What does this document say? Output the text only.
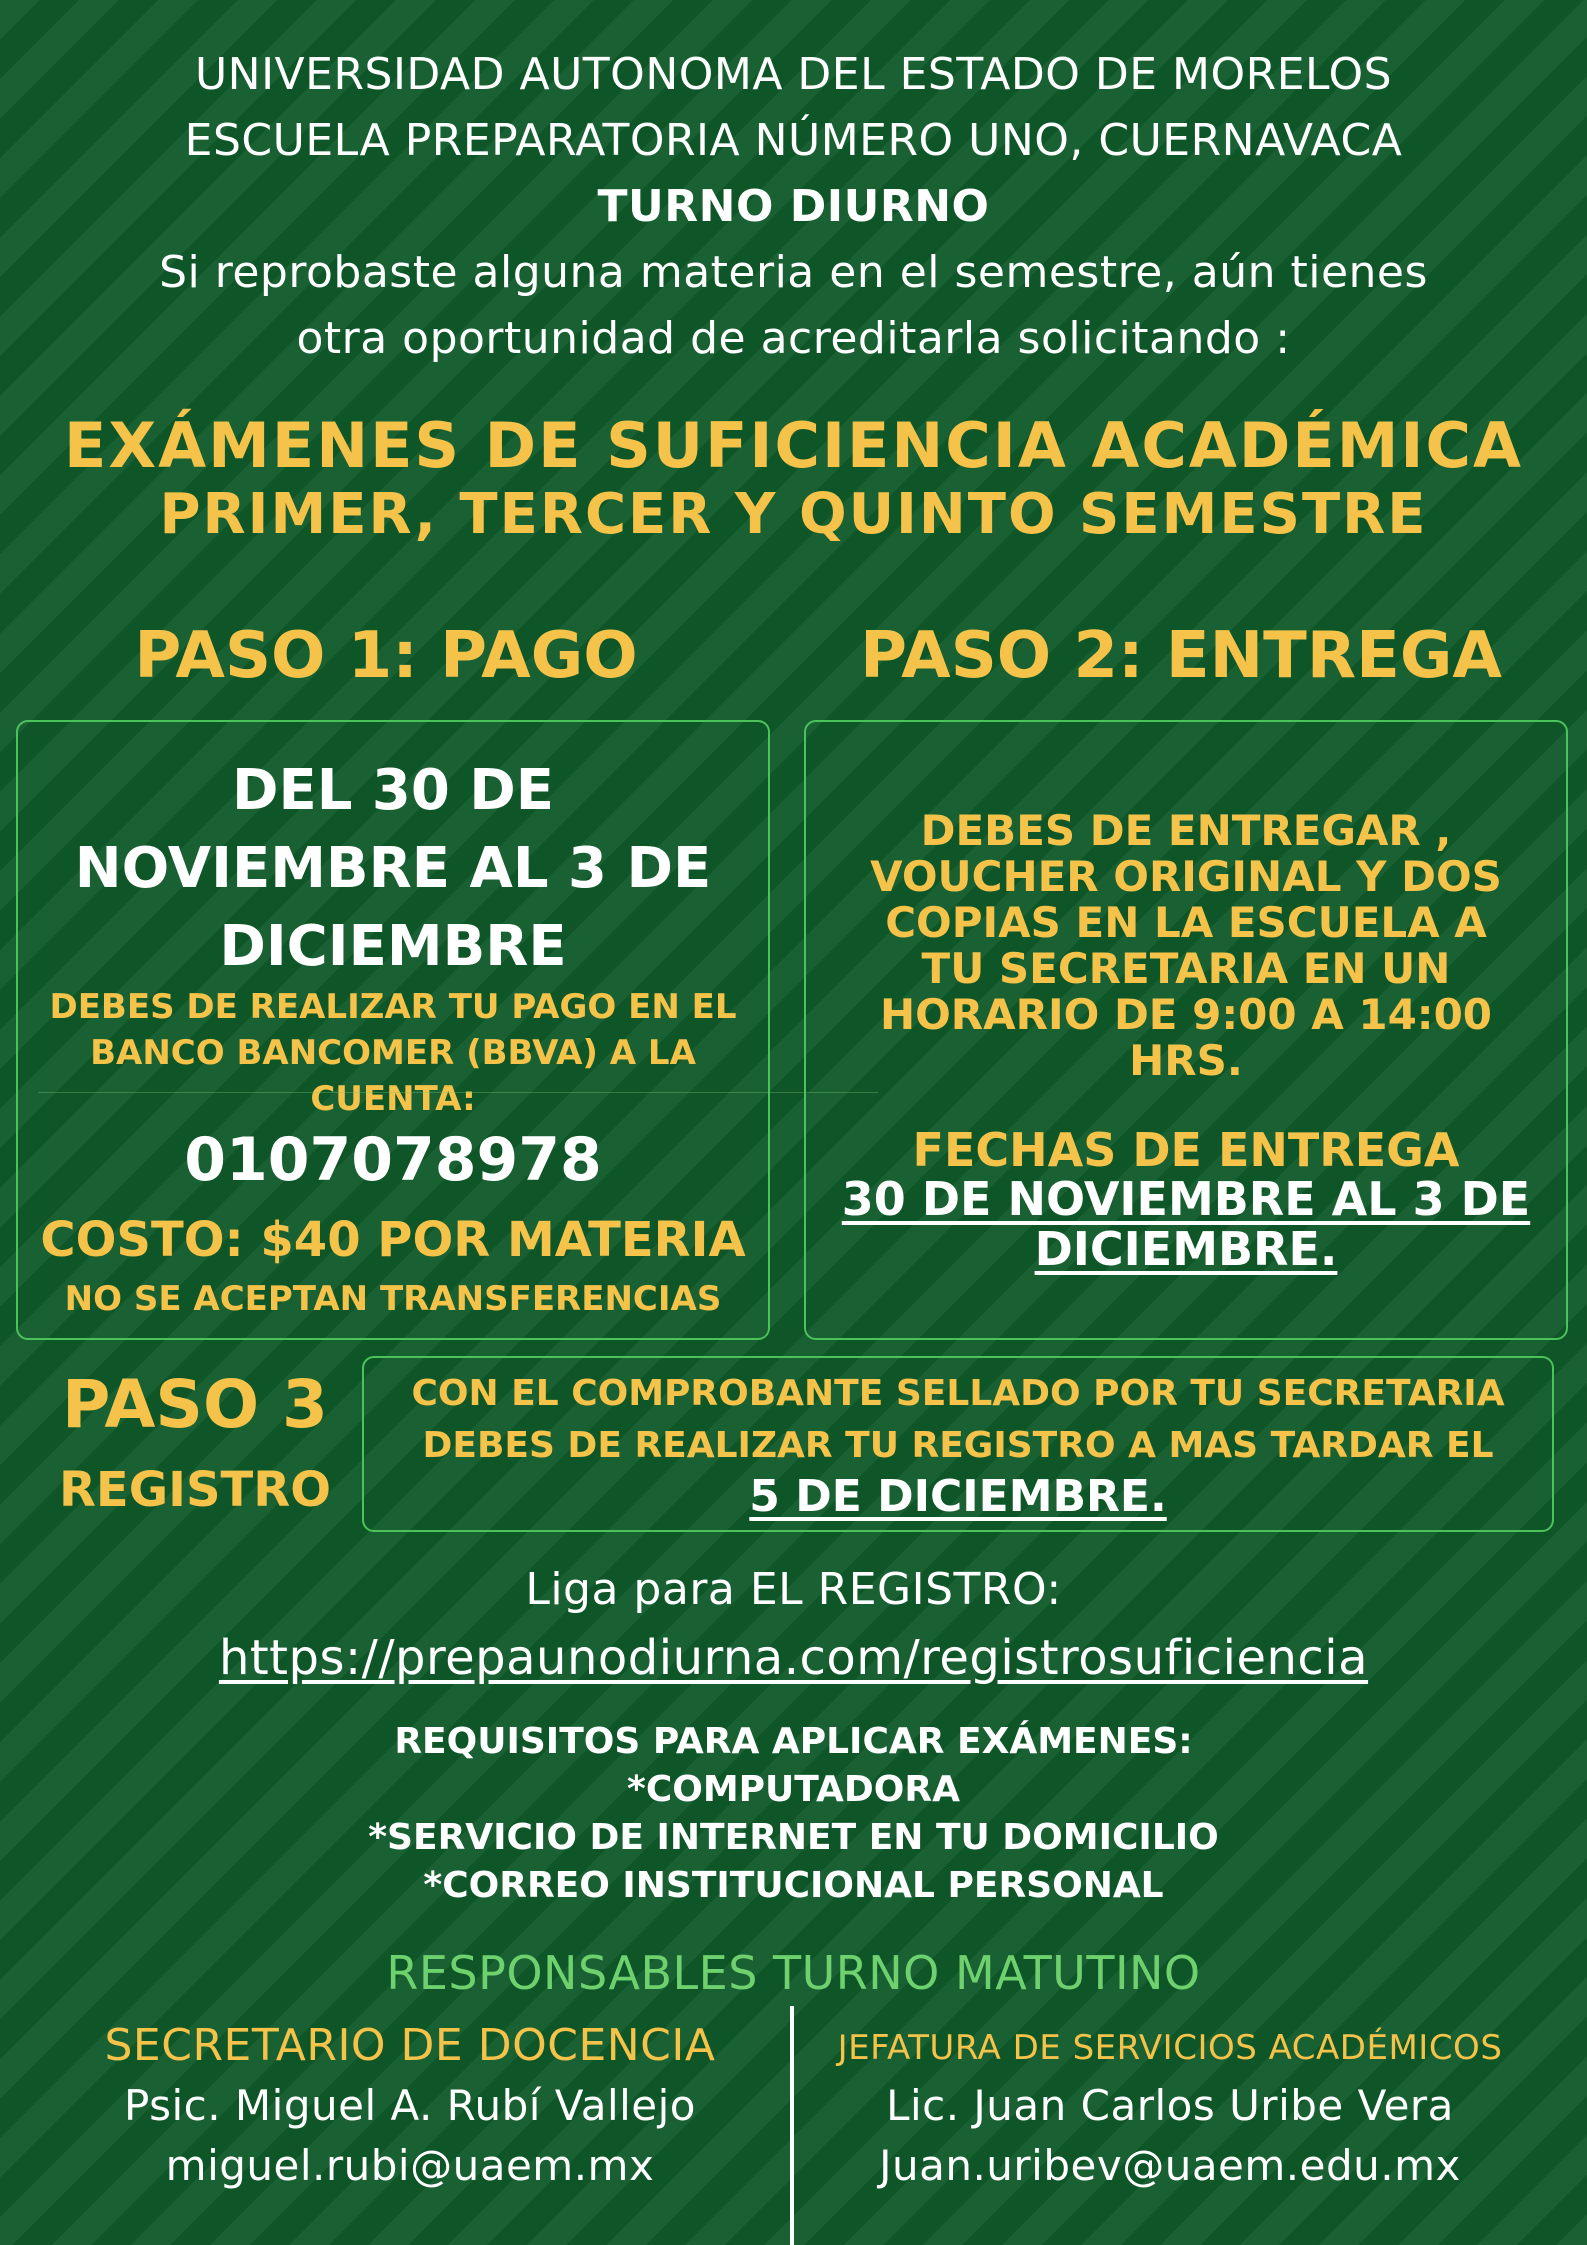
UNIVERSIDAD AUTONOMA DEL ESTADO DE MORELOS
ESCUELA PREPARATORIA NÚMERO UNO, CUERNAVACA
TURNO DIURNO
Si reprobaste alguna materia en el semestre, aún tienes
otra oportunidad de acreditarla solicitando :
EXÁMENES DE SUFICIENCIA ACADÉMICA
PRIMER, TERCER Y QUINTO SEMESTRE
PASO 1: PAGO	PASO 2: ENTREGA
DEL 30 DE
NOVIEMBRE AL 3 DE
DICIEMBRE
DEBES DE REALIZAR TU PAGO EN EL
BANCO BANCOMER (BBVA) A LA
CUENTA:
0107078978
COSTO: $40 POR MATERIA
NO SE ACEPTAN TRANSFERENCIAS
DEBES DE ENTREGAR ,
VOUCHER ORIGINAL Y DOS
COPIAS EN LA ESCUELA A
TU SECRETARIA EN UN
HORARIO DE 9:00 A 14:00
HRS.
FECHAS DE ENTREGA
30 DE NOVIEMBRE AL 3 DE
DICIEMBRE.
PASO 3
REGISTRO
CON EL COMPROBANTE SELLADO POR TU SECRETARIA
DEBES DE REALIZAR TU REGISTRO A MAS TARDAR EL
5 DE DICIEMBRE.
Liga para EL REGISTRO:
https://prepaunodiurna.com/registrosuficiencia
REQUISITOS PARA APLICAR EXÁMENES:
*COMPUTADORA
*SERVICIO DE INTERNET EN TU DOMICILIO
*CORREO INSTITUCIONAL PERSONAL
RESPONSABLES TURNO MATUTINO
SECRETARIO DE DOCENCIA
Psic. Miguel A. Rubí Vallejo
miguel.rubi@uaem.mx
JEFATURA DE SERVICIOS ACADÉMICOS
Lic. Juan Carlos Uribe Vera
Juan.uribev@uaem.edu.mx
